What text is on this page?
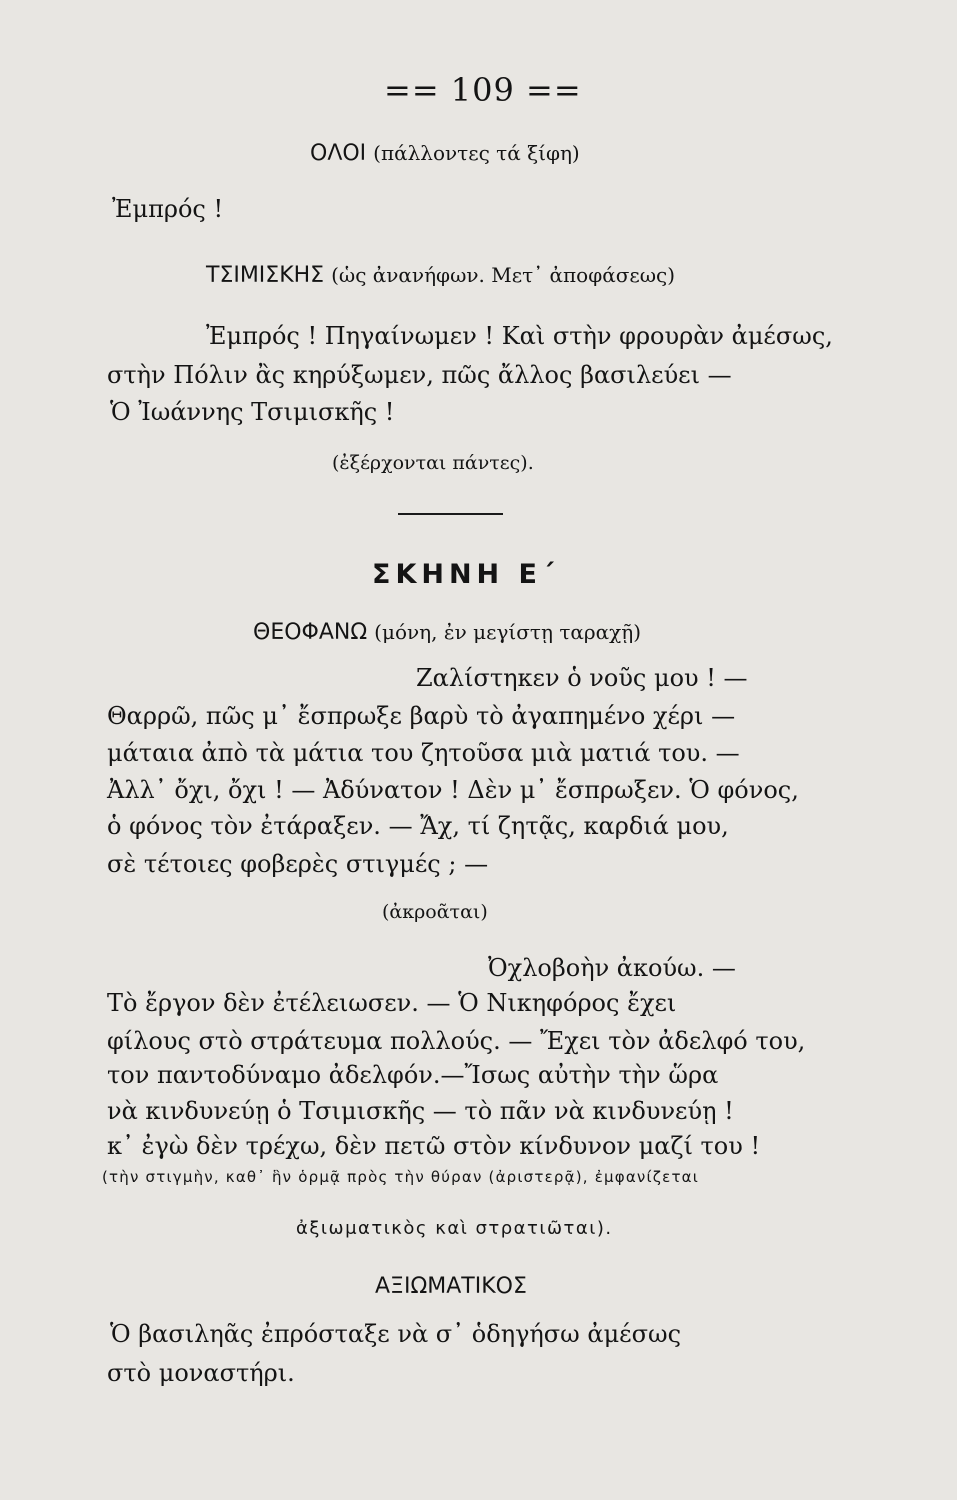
== 109 ==
ΟΛΟΙ (πάλλοντες τά ξίφη)
Ἐμπρός !
ΤΣΙΜΙΣΚΗΣ (ὡς ἀνανήφων. Μετ᾿ ἀποφάσεως)
Ἐμπρός ! Πηγαίνωμεν ! Καὶ στὴν φρουρὰν ἀμέσως,
στὴν Πόλιν ἂς κηρύξωμεν, πῶς ἄλλος βασιλεύει —
Ὁ Ἰωάννης Τσιμισκῆς !
(ἐξέρχονται πάντες).
ΣΚΗΝΗ Ε΄
ΘΕΟΦΑΝΩ (μόνη, ἐν μεγίστῃ ταραχῇ)
Ζαλίστηκεν ὁ νοῦς μου ! —
Θαρρῶ, πῶς μ᾿ ἔσπρωξε βαρὺ τὸ ἀγαπημένο χέρι —
μάταια ἀπὸ τὰ μάτια του ζητοῦσα μιὰ ματιά του. —
Ἀλλ᾿ ὄχι, ὄχι ! — Ἀδύνατον ! Δὲν μ᾿ ἔσπρωξεν. Ὁ φόνος,
ὁ φόνος τὸν ἐτάραξεν. — Ἄχ, τί ζητᾷς, καρδιά μου,
σὲ τέτοιες φοβερὲς στιγμές ; —
(ἀκροᾶται)
Ὀχλοβοὴν ἀκούω. —
Τὸ ἔργον δὲν ἐτέλειωσεν. — Ὁ Νικηφόρος ἔχει
φίλους στὸ στράτευμα πολλούς. — Ἔχει τὸν ἀδελφό του,
τον παντοδύναμο ἀδελφόν.—Ἴσως αὐτὴν τὴν ὥρα
νὰ κινδυνεύῃ ὁ Τσιμισκῆς — τὸ πᾶν νὰ κινδυνεύῃ !
κ᾿ ἐγὼ δὲν τρέχω, δὲν πετῶ στὸν κίνδυνον μαζί του !
(τὴν στιγμὴν, καθ᾿ ἣν ὁρμᾷ πρὸς τὴν θύραν (ἀριστερᾷ), ἐμφανίζεται
ἀξιωματικὸς καὶ στρατιῶται).
ΑΞΙΩΜΑΤΙΚΟΣ
Ὁ βασιληᾶς ἐπρόσταξε νὰ σ᾿ ὁδηγήσω ἀμέσως
στὸ μοναστήρι.
